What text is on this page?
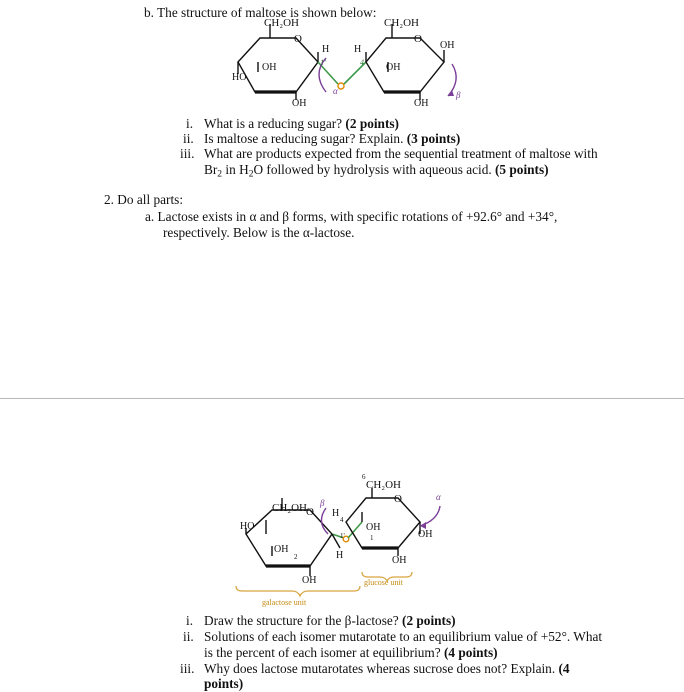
b. The structure of maltose is shown below:
CH₂OH	CH₂OH
O	O
H H	OH
OH	OH
HO
OH	OH
1'	4
α	β
i. What is a reducing sugar? (2 points)
ii. Is maltose a reducing sugar? Explain. (3 points)
iii. What are products expected from the sequential treatment of maltose with
$Br_2$ in $H_2O$ followed by hydrolysis with aqueous acid. (5 points)
2. Do all parts:
a. Lactose exists in α and β forms, with specific rotations of +92.6° and +34°,
respectively. Below is the α-lactose.
6
CH₂OH
O	α
CH₂OH
O
β
H
4
HO	OH
1'	OH
1
OH
H
2	OH
OH	glucose unit
galactose unit
i. Draw the structure for the β-lactose? (2 points)
ii. Solutions of each isomer mutarotate to an equilibrium value of +52°. What
is the percent of each isomer at equilibrium? (4 points)
iii. Why does lactose mutarotates whereas sucrose does not? Explain. (4
points)
